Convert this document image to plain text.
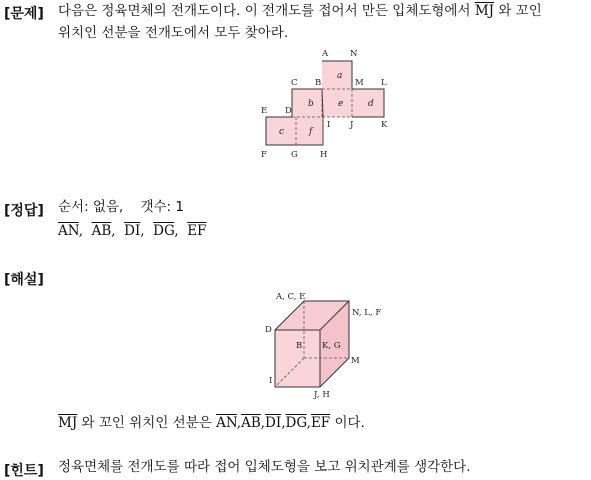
[문제] 다음은 정육면체의 전개도이다. 이 전개도를 접어서 만든 입체도형에서 $\overline{MJ}$ 와 꼬인
위치인 선분을 전개도에서 모두 찾아라.
A	N
C B	M L
E D
I J	K
F	G	H
a
b	e	d
c	f
[정답] 순서: 없음, 갯수: 1
$\overline{AN}$,  $\overline{AB}$,  $\overline{DI}$,  $\overline{DG}$,  $\overline{EF}$
[해설]
A, C, E
N, L, F
D
B K, G
M
I
J, H
$\overline{MJ}$ 와 꼬인 위치인 선분은 $\overline{AN},\overline{AB},\overline{DI},\overline{DG},\overline{EF}$ 이다.
[힌트] 정육면체를 전개도를 따라 접어 입체도형을 보고 위치관계를 생각한다.
